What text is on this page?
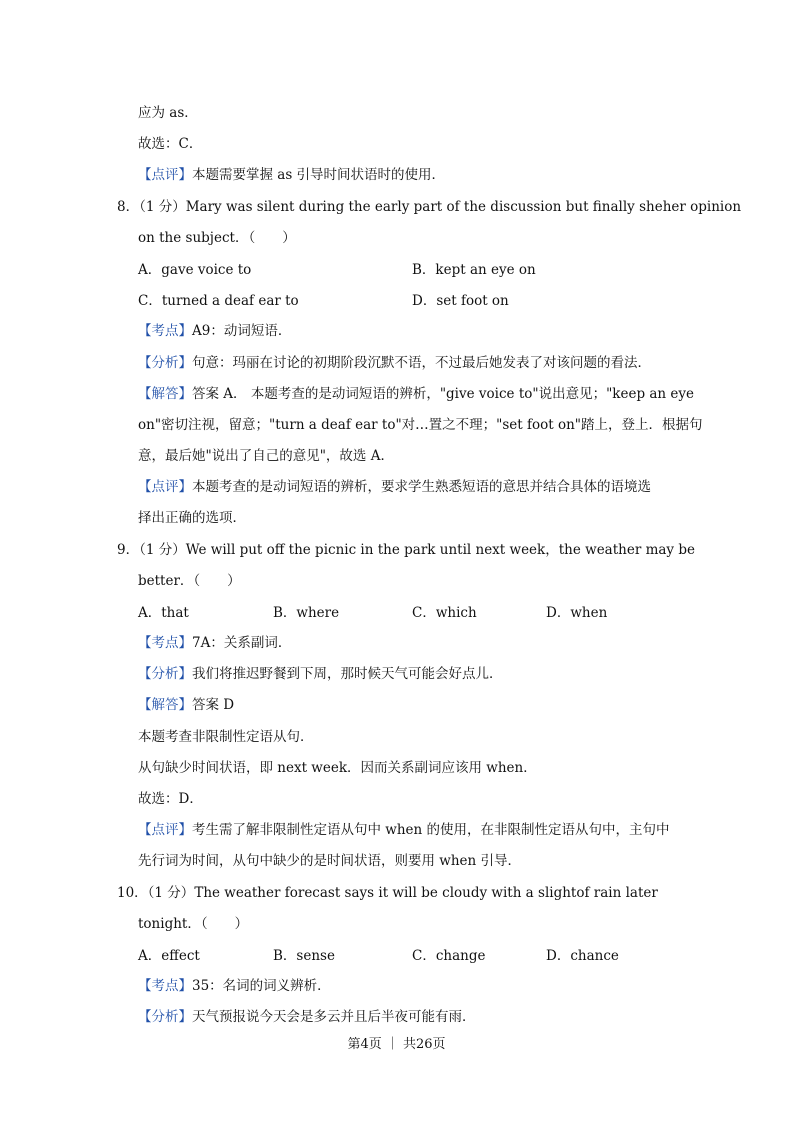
应为 as．
故选：C．
【点评】本题需要掌握 as 引导时间状语时的使用．
8．（1 分） Mary was silent during the early part of the discussion but finally she her opinion
on the subject．（　　）
A．gave voice to	B．kept an eye on
C．turned a deaf ear to	D．set foot on
【考点】A9：动词短语．
【分析】句意：玛丽在讨论的初期阶段沉默不语，不过最后她发表了对该问题的看法．
【解答】答案 A． 本题考查的是动词短语的辨析，"give voice to"说出意见；"keep an eye
on"密切注视，留意；"turn a deaf ear to"对…置之不理；"set foot on"踏上，登上．根据句
意，最后她"说出了自己的意见"，故选 A．
【点评】本题考查的是动词短语的辨析，要求学生熟悉短语的意思并结合具体的语境选
择出正确的选项．
9．（1 分） We will put off the picnic in the park until next week， the weather may be
better．（　　）
A．that	B．where	C．which	D．when
【考点】7A：关系副词．
【分析】我们将推迟野餐到下周，那时候天气可能会好点儿．
【解答】答案 D
本题考查非限制性定语从句．
从句缺少时间状语，即 next week．因而关系副词应该用 when．
故选：D．
【点评】考生需了解非限制性定语从句中 when 的使用，在非限制性定语从句中，主句中
先行词为时间，从句中缺少的是时间状语，则要用 when 引导．
10．（1 分） The weather forecast says it will be cloudy with a slight of rain later
tonight．（　　）
A．effect	B．sense	C．change	D．chance
【考点】35：名词的词义辨析．
【分析】天气预报说今天会是多云并且后半夜可能有雨．
第4页 ｜ 共26页
